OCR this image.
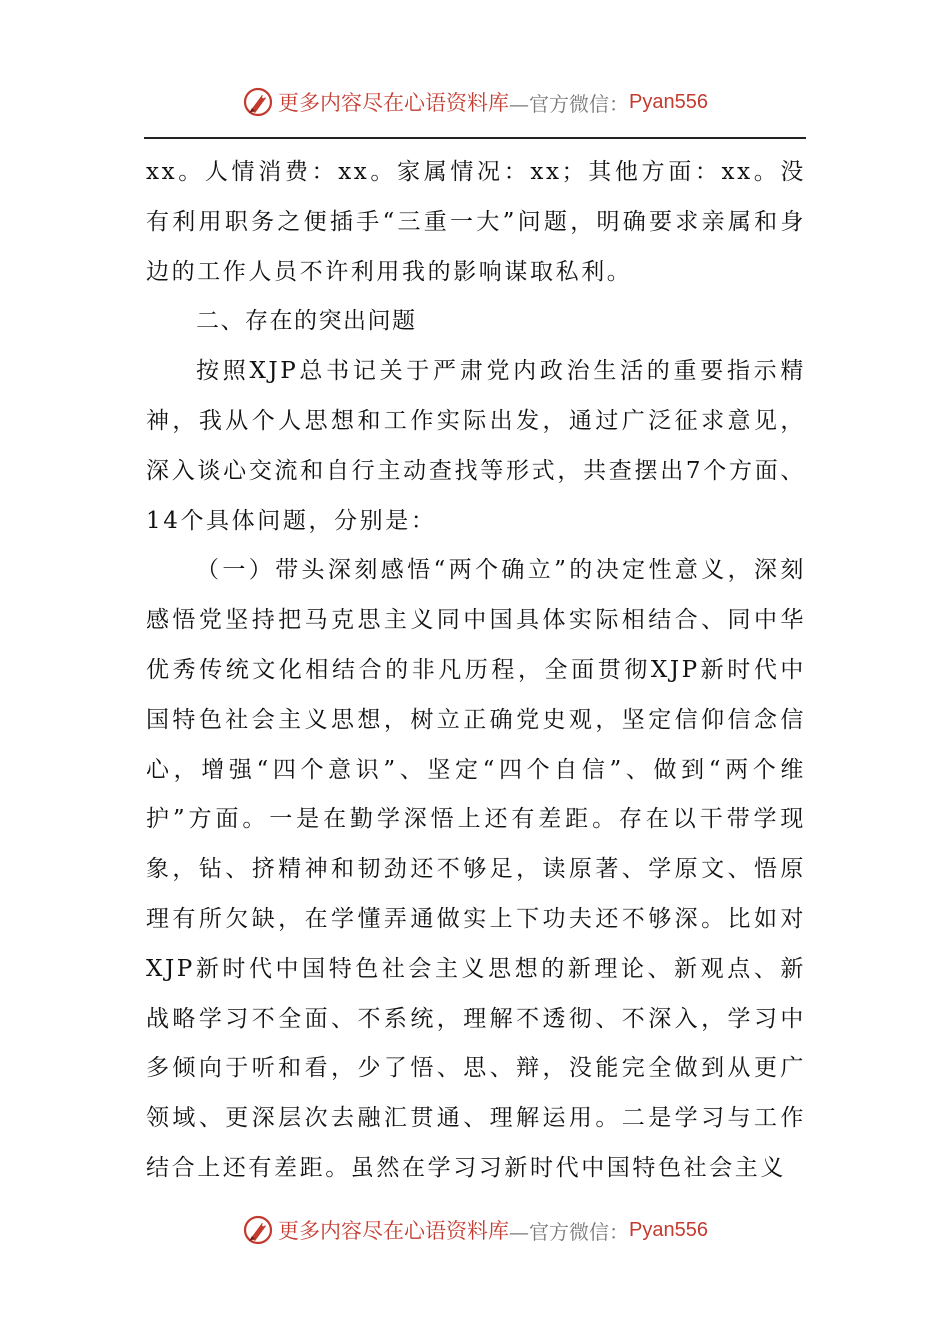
更多内容尽在心语资料库 —官方微信： Pyan556

xx。人情消费：xx。家属情况：xx；其他方面：xx。没有利用职务之便插手“三重一大”问题，明确要求亲属和身边的工作人员不许利用我的影响谋取私利。

二、存在的突出问题

按照XJP总书记关于严肃党内政治生活的重要指示精神，我从个人思想和工作实际出发，通过广泛征求意见，深入谈心交流和自行主动查找等形式，共查摆出7个方面、14个具体问题，分别是：

（一）带头深刻感悟“两个确立”的决定性意义，深刻感悟党坚持把马克思主义同中国具体实际相结合、同中华优秀传统文化相结合的非凡历程，全面贯彻XJP新时代中国特色社会主义思想，树立正确党史观，坚定信仰信念信心，增强“四个意识”、坚定“四个自信”、做到“两个维护”方面。一是在勤学深悟上还有差距。存在以干带学现象，钻、挤精神和韧劲还不够足，读原著、学原文、悟原理有所欠缺，在学懂弄通做实上下功夫还不够深。比如对XJP新时代中国特色社会主义思想的新理论、新观点、新战略学习不全面、不系统，理解不透彻、不深入，学习中多倾向于听和看，少了悟、思、辩，没能完全做到从更广领域、更深层次去融汇贯通、理解运用。二是学习与工作结合上还有差距。虽然在学习习新时代中国特色社会主义

更多内容尽在心语资料库 —官方微信： Pyan556
